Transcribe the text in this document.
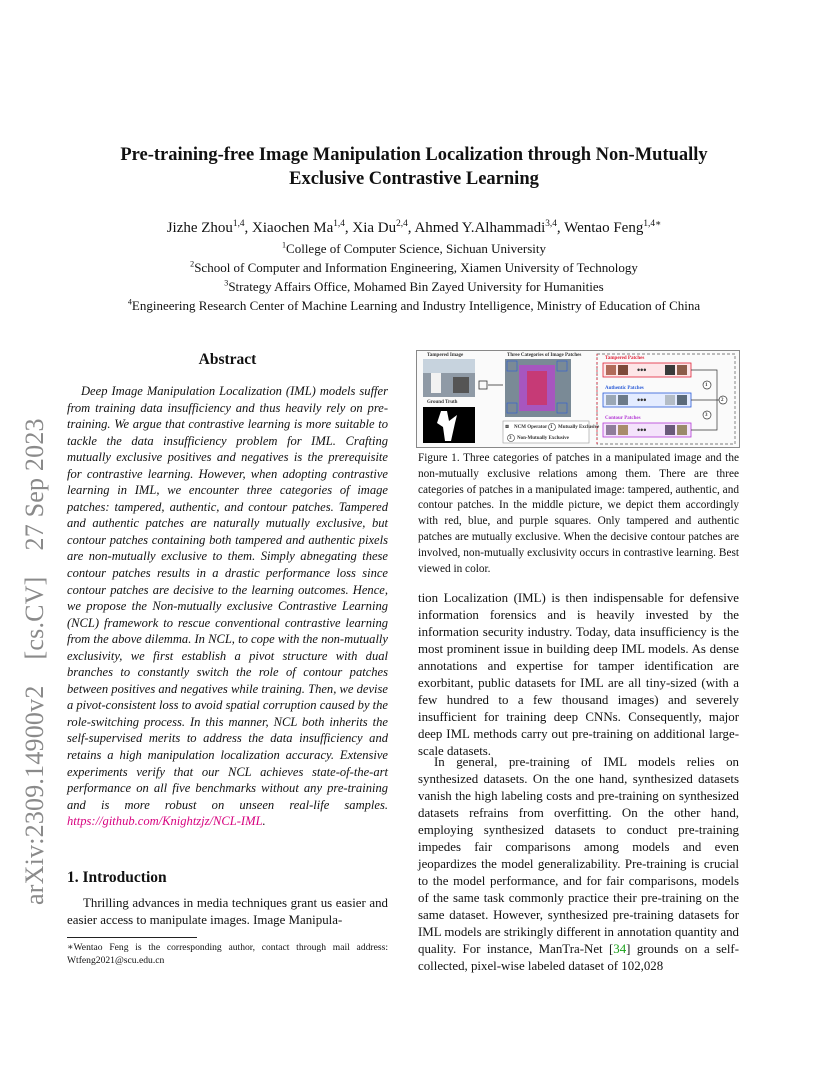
arXiv:2309.14900v2[cs.CV]27 Sep 2023
Pre-training-free Image Manipulation Localization through Non-Mutually
Exclusive Contrastive Learning
Jizhe Zhou$^{1,4}$, Xiaochen Ma$^{1,4}$, Xia Du$^{2,4}$, Ahmed Y.Alhammadi$^{3,4}$, Wentao Feng$^{1,4∗}$
$^1$College of Computer Science, Sichuan University
$^2$School of Computer and Information Engineering, Xiamen University of Technology
$^3$Strategy Affairs Office, Mohamed Bin Zayed University for Humanities
$^4$Engineering Research Center of Machine Learning and Industry Intelligence, Ministry of Education of China
Abstract
Deep Image Manipulation Localization (IML) models suffer from training data insufficiency and thus heavily rely on pre-training. We argue that contrastive learning is more suitable to tackle the data insufficiency problem for IML. Crafting mutually exclusive positives and negatives is the prerequisite for contrastive learning. However, when adopting contrastive learning in IML, we encounter three categories of image patches: tampered, authentic, and contour patches. Tampered and authentic patches are naturally mutually exclusive, but contour patches containing both tampered and authentic pixels are non-mutually exclusive to them. Simply abnegating these contour patches results in a drastic performance loss since contour patches are decisive to the learning outcomes. Hence, we propose the Non-mutually exclusive Contrastive Learning (NCL) framework to rescue conventional contrastive learning from the above dilemma. In NCL, to cope with the non-mutually exclusivity, we first establish a pivot structure with dual branches to constantly switch the role of contour patches between positives and negatives while training. Then, we devise a pivot-consistent loss to avoid spatial corruption caused by the role-switching process. In this manner, NCL both inherits the self-supervised merits to address the data insufficiency and retains a high manipulation localization accuracy. Extensive experiments verify that our NCL achieves state-of-the-art performance on all five benchmarks without any pre-training and is more robust on unseen real-life samples. https://github.com/Knightzjz/NCL-IML.
1. Introduction
Thrilling advances in media techniques grant us easier and easier access to manipulate images. Image Manipula-
∗Wentao Feng is the corresponding author, contact through mail address: Wtfeng2021@scu.edu.cn
Tampered Image
Ground Truth
Three Categories of Image Patches
Tampered Patches
Authentic Patches
Contour Patches
•••
•••
•••
⊠ NCM Operator 1 Mutually Exclusive
3 Non-Mutually Exclusive
1
2
3
Figure 1. Three categories of patches in a manipulated image and the non-mutually exclusive relations among them. There are three categories of patches in a manipulated image: tampered, authentic, and contour patches. In the middle picture, we depict them accordingly with red, blue, and purple squares. Only tampered and authentic patches are mutually exclusive. When the decisive contour patches are involved, non-mutually exclusivity occurs in contrastive learning. Best viewed in color.
tion Localization (IML) is then indispensable for defensive information forensics and is heavily invested by the information security industry. Today, data insufficiency is the most prominent issue in building deep IML models. As dense annotations and expertise for tamper identification are exorbitant, public datasets for IML are all tiny-sized (with a few hundred to a few thousand images) and severely insufficient for training deep CNNs. Consequently, major deep IML methods carry out pre-training on additional large-scale datasets.
In general, pre-training of IML models relies on synthesized datasets. On the one hand, synthesized datasets vanish the high labeling costs and pre-training on synthesized datasets refrains from overfitting. On the other hand, employing synthesized datasets to conduct pre-training impedes fair comparisons among models and even jeopardizes the model generalizability. Pre-training is crucial to the model performance, and for fair comparisons, models of the same task commonly practice their pre-training on the same dataset. However, synthesized pre-training datasets for IML models are strikingly different in annotation quantity and quality. For instance, ManTra-Net [34] grounds on a self-collected, pixel-wise labeled dataset of 102,028
